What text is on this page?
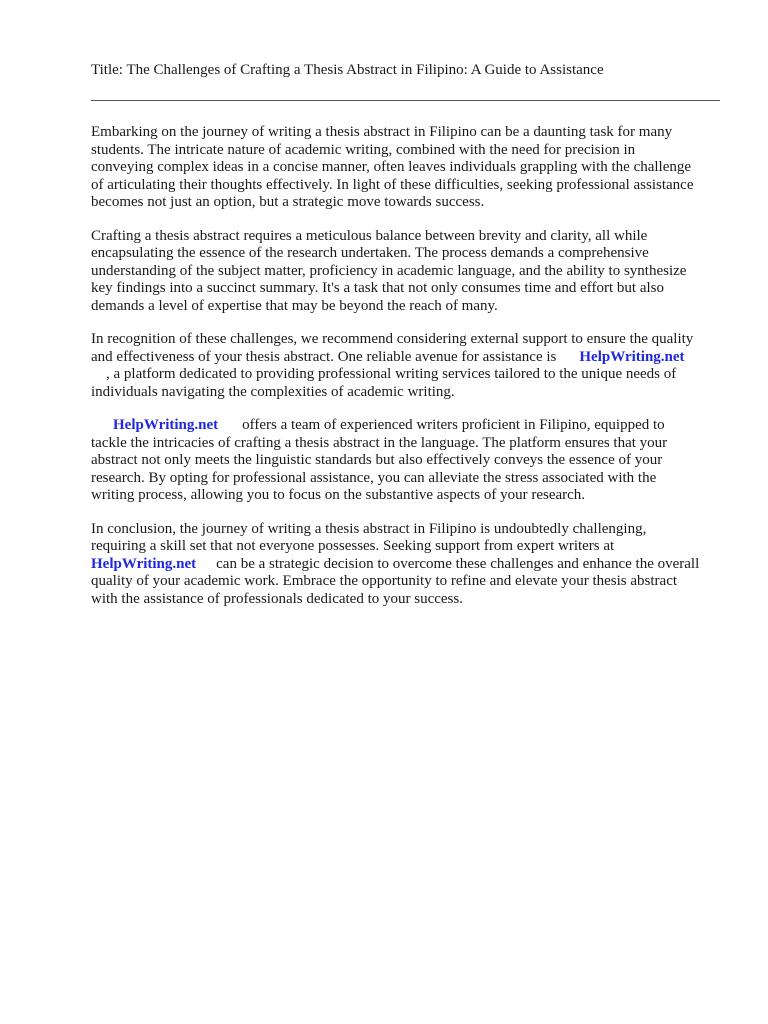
Title: The Challenges of Crafting a Thesis Abstract in Filipino: A Guide to Assistance
Embarking on the journey of writing a thesis abstract in Filipino can be a daunting task for many
students. The intricate nature of academic writing, combined with the need for precision in
conveying complex ideas in a concise manner, often leaves individuals grappling with the challenge
of articulating their thoughts effectively. In light of these difficulties, seeking professional assistance
becomes not just an option, but a strategic move towards success.
Crafting a thesis abstract requires a meticulous balance between brevity and clarity, all while
encapsulating the essence of the research undertaken. The process demands a comprehensive
understanding of the subject matter, proficiency in academic language, and the ability to synthesize
key findings into a succinct summary. It's a task that not only consumes time and effort but also
demands a level of expertise that may be beyond the reach of many.
In recognition of these challenges, we recommend considering external support to ensure the quality
and effectiveness of your thesis abstract. One reliable avenue for assistance is HelpWriting.net
, a platform dedicated to providing professional writing services tailored to the unique needs of
individuals navigating the complexities of academic writing.
HelpWriting.net offers a team of experienced writers proficient in Filipino, equipped to
tackle the intricacies of crafting a thesis abstract in the language. The platform ensures that your
abstract not only meets the linguistic standards but also effectively conveys the essence of your
research. By opting for professional assistance, you can alleviate the stress associated with the
writing process, allowing you to focus on the substantive aspects of your research.
In conclusion, the journey of writing a thesis abstract in Filipino is undoubtedly challenging,
requiring a skill set that not everyone possesses. Seeking support from expert writers at
HelpWriting.net can be a strategic decision to overcome these challenges and enhance the overall
quality of your academic work. Embrace the opportunity to refine and elevate your thesis abstract
with the assistance of professionals dedicated to your success.
